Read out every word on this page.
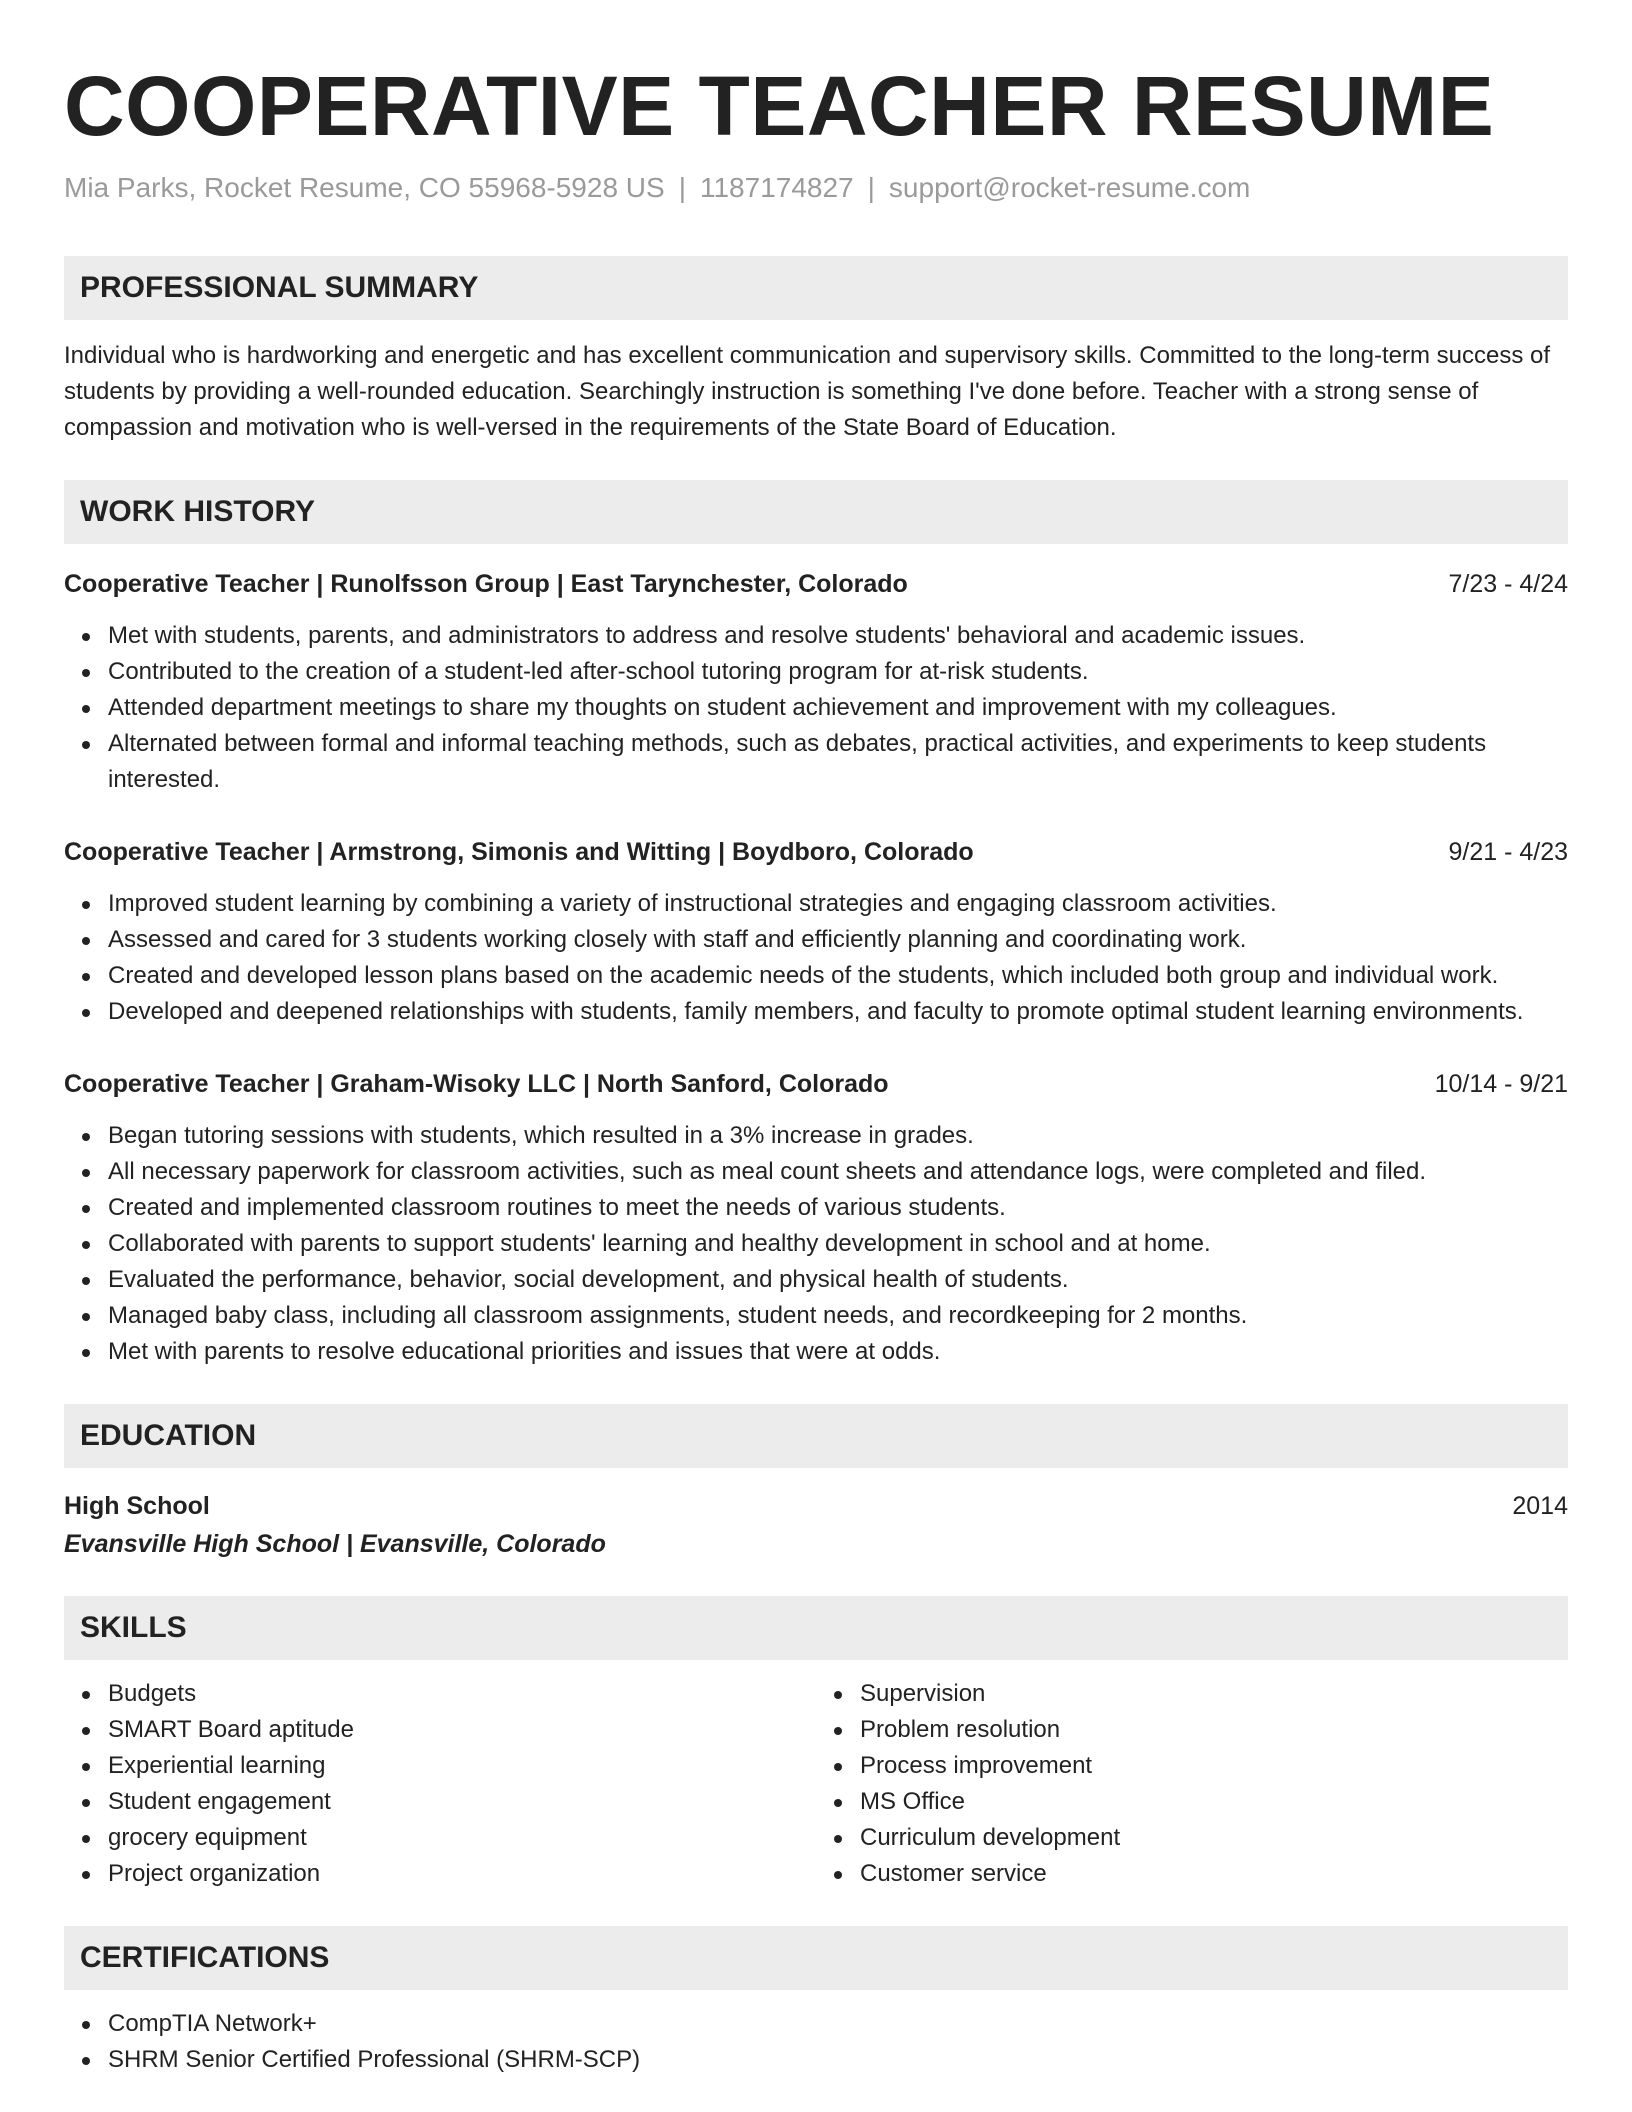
COOPERATIVE TEACHER RESUME
Mia Parks, Rocket Resume, CO 55968-5928 US | 1187174827 | support@rocket-resume.com
PROFESSIONAL SUMMARY
Individual who is hardworking and energetic and has excellent communication and supervisory skills. Committed to the long-term success of students by providing a well-rounded education. Searchingly instruction is something I've done before. Teacher with a strong sense of compassion and motivation who is well-versed in the requirements of the State Board of Education.
WORK HISTORY
Cooperative Teacher | Runolfsson Group | East Tarynchester, Colorado	7/23 - 4/24
Met with students, parents, and administrators to address and resolve students' behavioral and academic issues.
Contributed to the creation of a student-led after-school tutoring program for at-risk students.
Attended department meetings to share my thoughts on student achievement and improvement with my colleagues.
Alternated between formal and informal teaching methods, such as debates, practical activities, and experiments to keep students interested.
Cooperative Teacher | Armstrong, Simonis and Witting | Boydboro, Colorado	9/21 - 4/23
Improved student learning by combining a variety of instructional strategies and engaging classroom activities.
Assessed and cared for 3 students working closely with staff and efficiently planning and coordinating work.
Created and developed lesson plans based on the academic needs of the students, which included both group and individual work.
Developed and deepened relationships with students, family members, and faculty to promote optimal student learning environments.
Cooperative Teacher | Graham-Wisoky LLC | North Sanford, Colorado	10/14 - 9/21
Began tutoring sessions with students, which resulted in a 3% increase in grades.
All necessary paperwork for classroom activities, such as meal count sheets and attendance logs, were completed and filed.
Created and implemented classroom routines to meet the needs of various students.
Collaborated with parents to support students' learning and healthy development in school and at home.
Evaluated the performance, behavior, social development, and physical health of students.
Managed baby class, including all classroom assignments, student needs, and recordkeeping for 2 months.
Met with parents to resolve educational priorities and issues that were at odds.
EDUCATION
High School	2014
Evansville High School | Evansville, Colorado
SKILLS
Budgets
SMART Board aptitude
Experiential learning
Student engagement
grocery equipment
Project organization
Supervision
Problem resolution
Process improvement
MS Office
Curriculum development
Customer service
CERTIFICATIONS
CompTIA Network+
SHRM Senior Certified Professional (SHRM-SCP)
